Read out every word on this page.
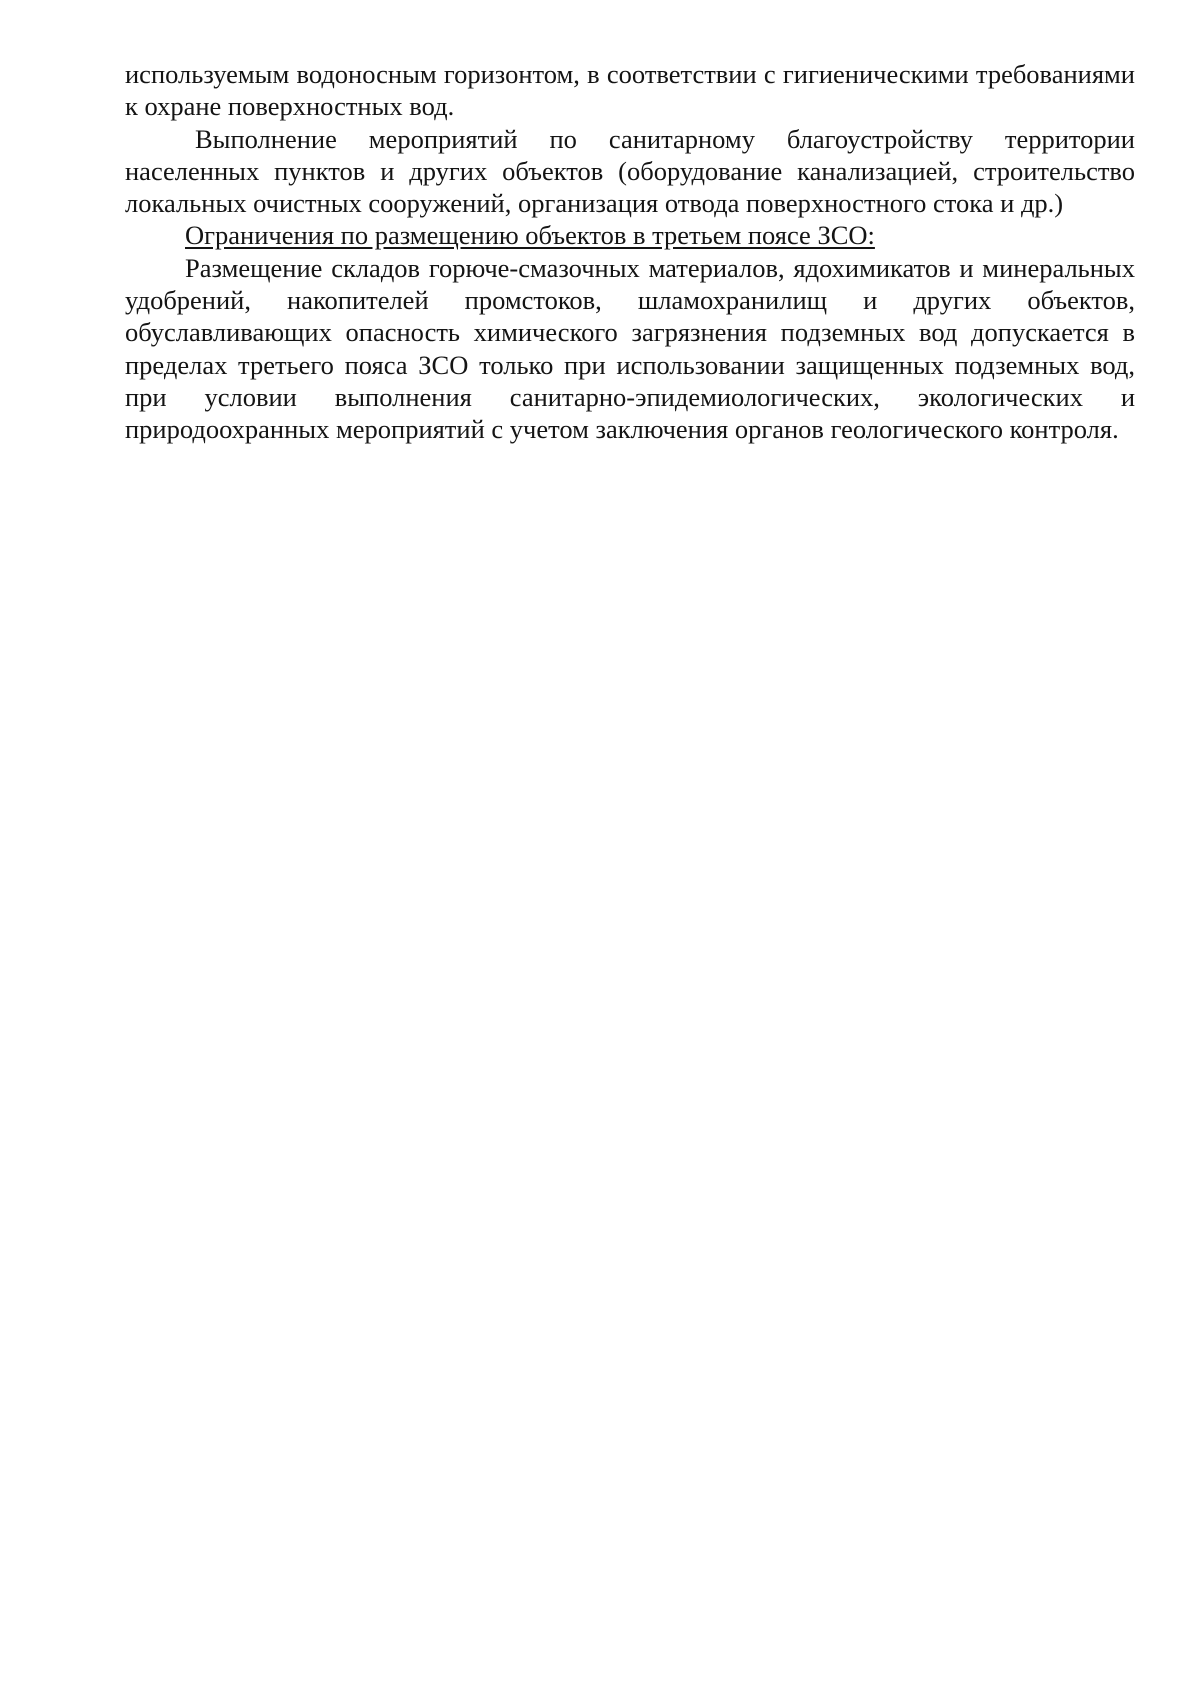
используемым водоносным горизонтом, в соответствии с гигиеническими требованиями к охране поверхностных вод.

Выполнение мероприятий по санитарному благоустройству территории населенных пунктов и других объектов (оборудование канализацией, строительство локальных очистных сооружений, организация отвода поверхностного стока и др.)

Ограничения по размещению объектов в третьем поясе ЗСО:

Размещение складов горюче-смазочных материалов, ядохимикатов и минеральных удобрений, накопителей промстоков, шламохранилищ и других объектов, обуславливающих опасность химического загрязнения подземных вод допускается в пределах третьего пояса ЗСО только при использовании защищенных подземных вод, при условии выполнения санитарно-эпидемиологических, экологических и природоохранных мероприятий с учетом заключения органов геологического контроля.
